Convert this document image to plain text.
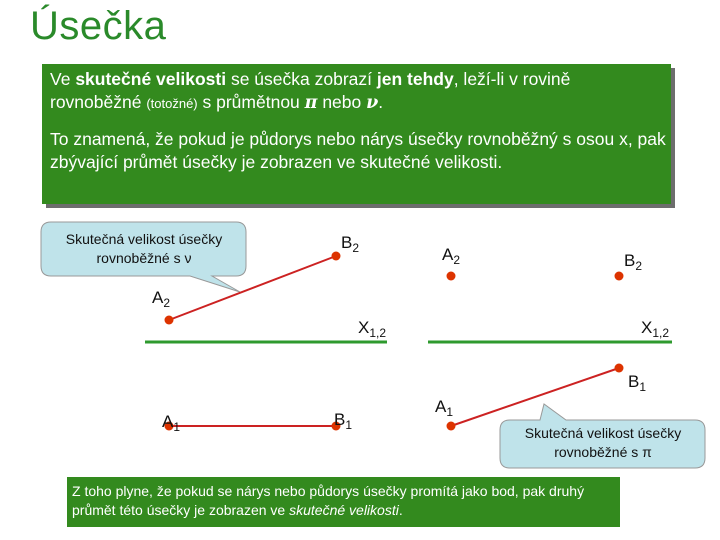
Úsečka

Ve skutečné velikosti se úsečka zobrazí jen tehdy, leží-li v rovině
rovnoběžné (totožné) s průmětnou π nebo ν.

To znamená, že pokud je půdorys nebo nárys úsečky rovnoběžný s osou x, pak zbývající průmět úsečky je zobrazen ve skutečné velikosti.

Skutečná velikost úsečky
rovnoběžné s ν
Skutečná velikost úsečky
rovnoběžné s π
$B_2$
$A_2$
$X_{1,2}$
$A_1$	$B_1$
$A_2$	$B_2$
$X_{1,2}$
$B_1$
$A_1$
Z toho plyne, že pokud se nárys nebo půdorys úsečky promítá jako bod, pak druhý průmět této úsečky je zobrazen ve skutečné velikosti.
